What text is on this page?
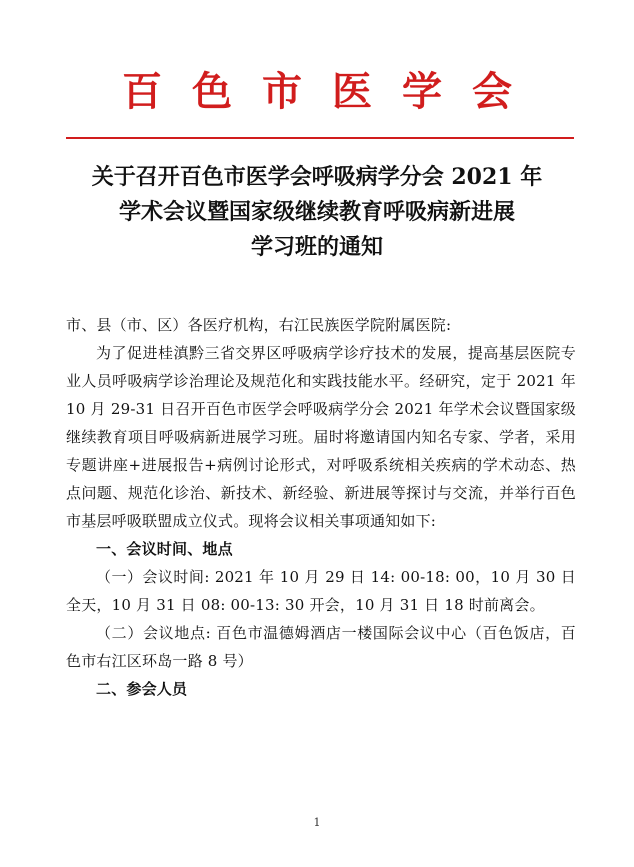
百色市医学会
关于召开百色市医学会呼吸病学分会 2021 年
学术会议暨国家级继续教育呼吸病新进展
学习班的通知

市、县（市、区）各医疗机构，右江民族医学院附属医院:

为了促进桂滇黔三省交界区呼吸病学诊疗技术的发展，提高基层医院专业人员呼吸病学诊治理论及规范化和实践技能水平。经研究，定于 2021 年 10 月 29-31 日召开百色市医学会呼吸病学分会 2021 年学术会议暨国家级继续教育项目呼吸病新进展学习班。届时将邀请国内知名专家、学者，采用专题讲座+进展报告+病例讨论形式，对呼吸系统相关疾病的学术动态、热点问题、规范化诊治、新技术、新经验、新进展等探讨与交流，并举行百色市基层呼吸联盟成立仪式。现将会议相关事项通知如下:

一、会议时间、地点

（一）会议时间: 2021 年 10 月 29 日 14: 00-18: 00，10 月 30 日全天，10 月 31 日 08: 00-13: 30 开会，10 月 31 日 18 时前离会。

（二）会议地点: 百色市温德姆酒店一楼国际会议中心（百色饭店，百色市右江区环岛一路 8 号）

二、参会人员

1
